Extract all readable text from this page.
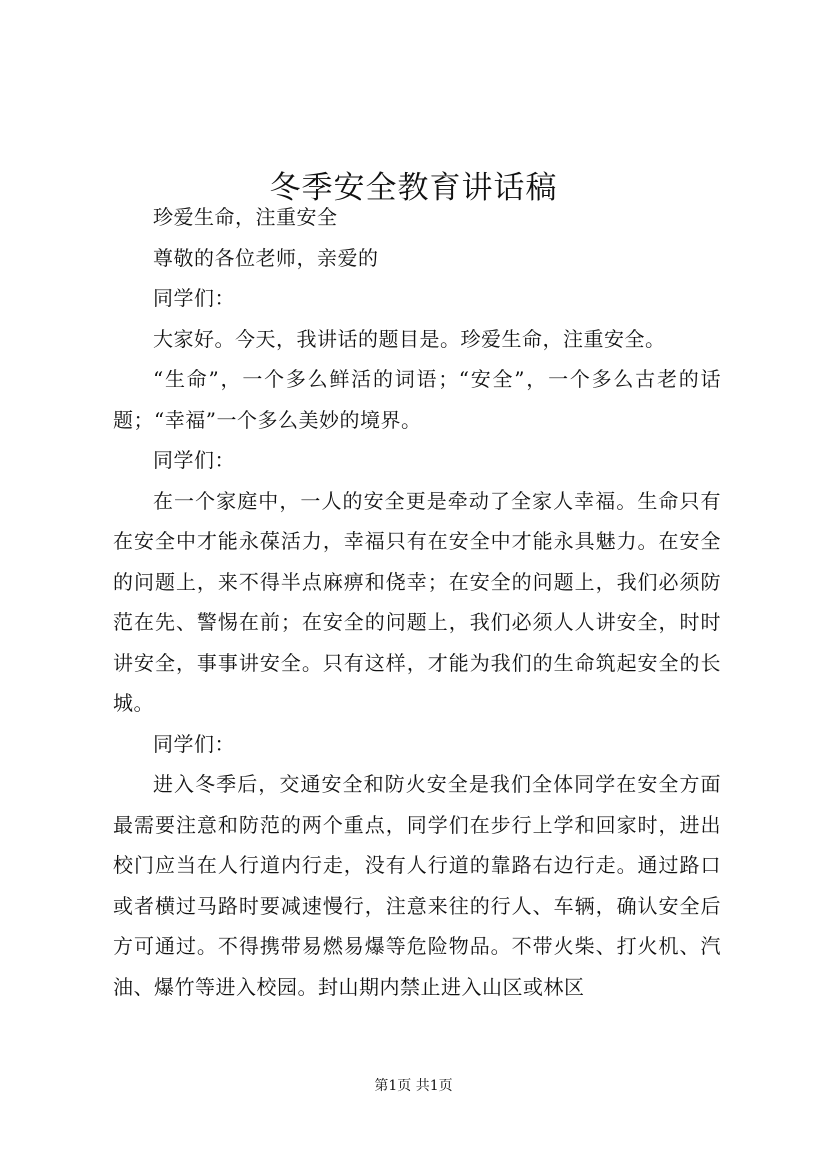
冬季安全教育讲话稿

珍爱生命，注重安全

尊敬的各位老师，亲爱的

同学们：

大家好。今天，我讲话的题目是。珍爱生命，注重安全。

“生命”，一个多么鲜活的词语；“安全”，一个多么古老的话题；“幸福”一个多么美妙的境界。

同学们：

在一个家庭中，一人的安全更是牵动了全家人幸福。生命只有在安全中才能永葆活力，幸福只有在安全中才能永具魅力。在安全的问题上，来不得半点麻痹和侥幸；在安全的问题上，我们必须防范在先、警惕在前；在安全的问题上，我们必须人人讲安全，时时讲安全，事事讲安全。只有这样，才能为我们的生命筑起安全的长城。

同学们：

进入冬季后，交通安全和防火安全是我们全体同学在安全方面最需要注意和防范的两个重点，同学们在步行上学和回家时，进出校门应当在人行道内行走，没有人行道的靠路右边行走。通过路口或者横过马路时要减速慢行，注意来往的行人、车辆，确认安全后方可通过。不得携带易燃易爆等危险物品。不带火柴、打火机、汽油、爆竹等进入校园。封山期内禁止进入山区或林区

第1页 共1页
